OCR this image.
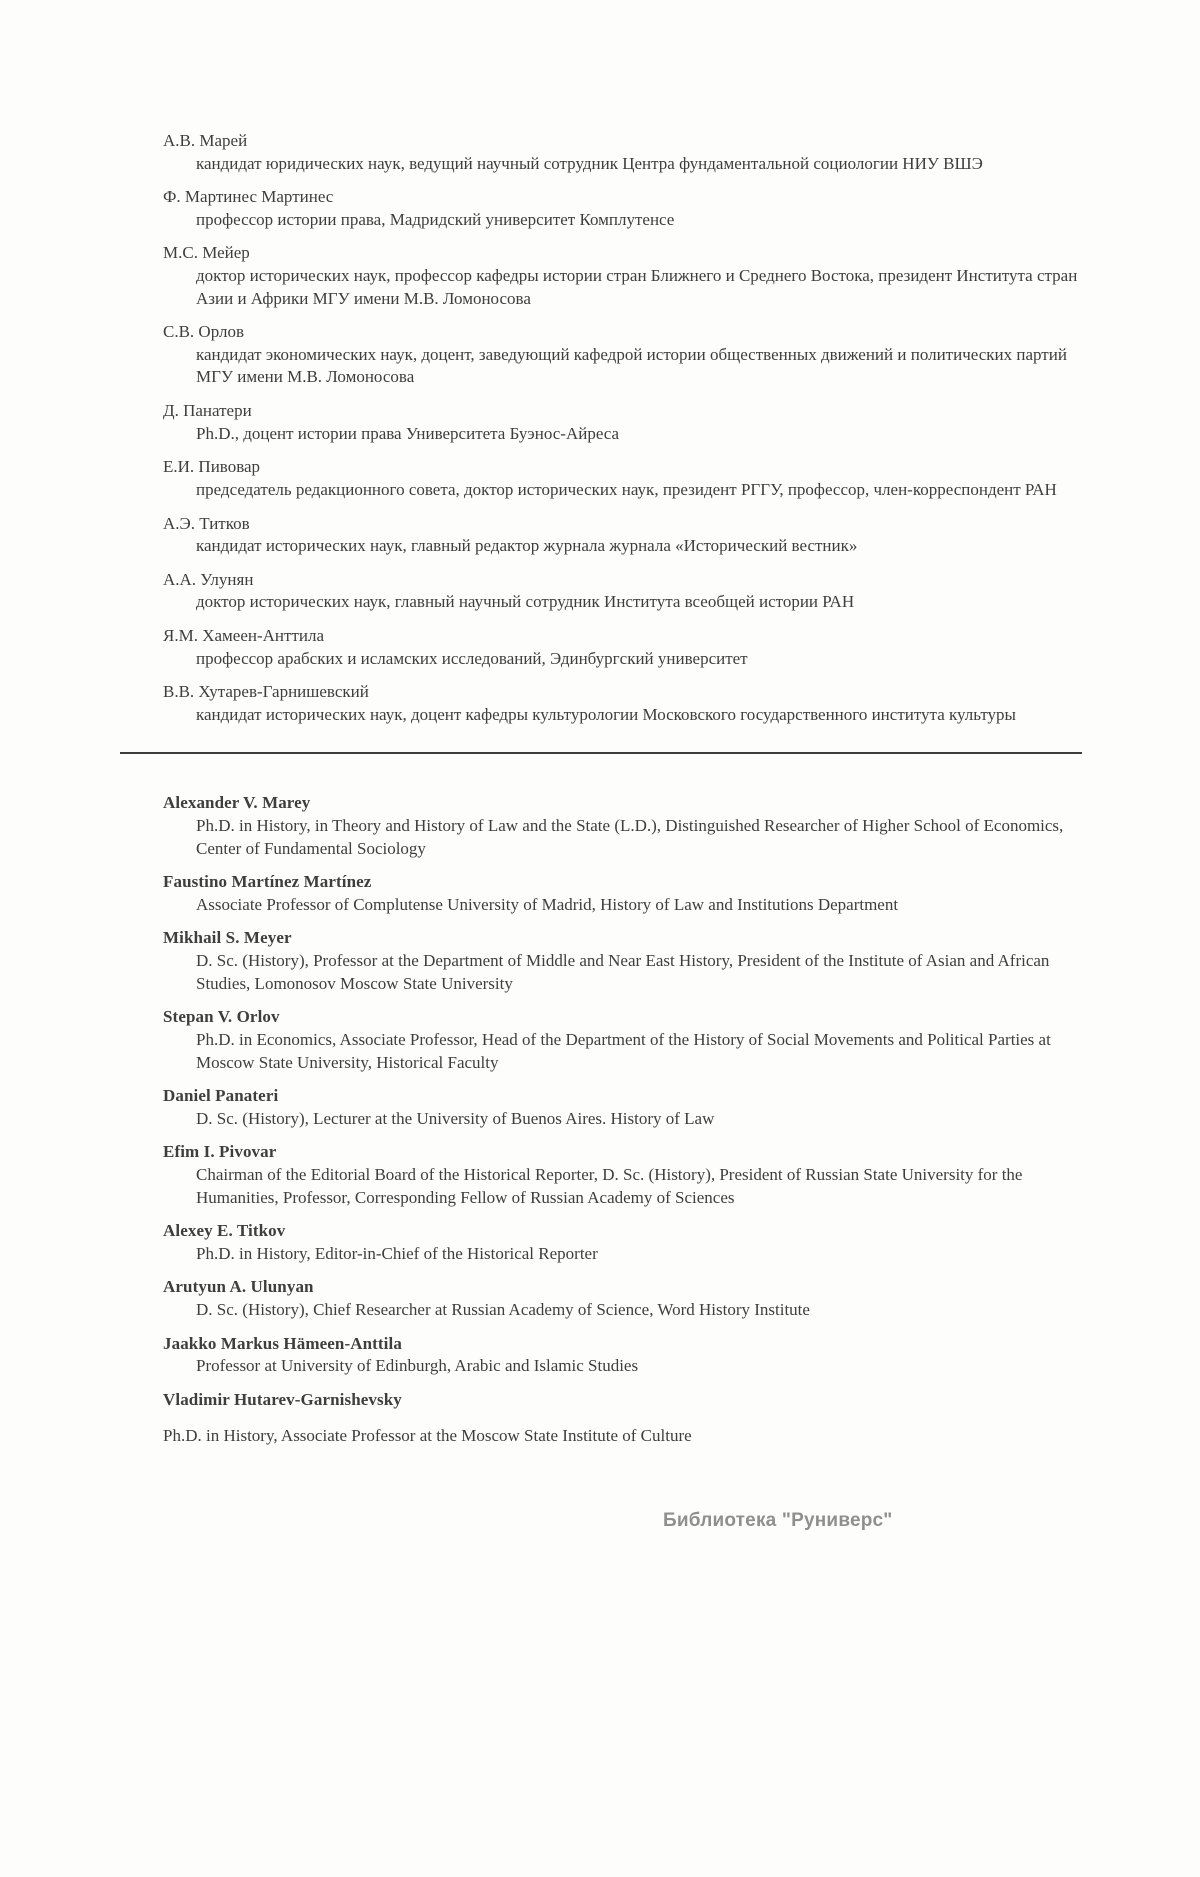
А.В. Марей
кандидат юридических наук, ведущий научный сотрудник Центра фундаментальной социологии НИУ ВШЭ
Ф. Мартинес Мартинес
профессор истории права, Мадридский университет Комплутенсе
М.С. Мейер
доктор исторических наук, профессор кафедры истории стран Ближнего и Среднего Востока, президент Института стран Азии и Африки МГУ имени М.В. Ломоносова
С.В. Орлов
кандидат экономических наук, доцент, заведующий кафедрой истории общественных движений и политических партий МГУ имени М.В. Ломоносова
Д. Панатери
Ph.D., доцент истории права Университета Буэнос-Айреса
Е.И. Пивовар
председатель редакционного совета, доктор исторических наук, президент РГГУ, профессор, член-корреспондент РАН
А.Э. Титков
кандидат исторических наук, главный редактор журнала журнала «Исторический вестник»
А.А. Улунян
доктор исторических наук, главный научный сотрудник Института всеобщей истории РАН
Я.М. Хамеен-Анттила
профессор арабских и исламских исследований, Эдинбургский университет
В.В. Хутарев-Гарнишевский
кандидат исторических наук, доцент кафедры культурологии Московского государственного института культуры
Alexander V. Marey
Ph.D. in History, in Theory and History of Law and the State (L.D.), Distinguished Researcher of Higher School of Economics, Center of Fundamental Sociology
Faustino Martínez Martínez
Associate Professor of Complutense University of Madrid, History of Law and Institutions Department
Mikhail S. Meyer
D. Sc. (History), Professor at the Department of Middle and Near East History, President of the Institute of Asian and African Studies, Lomonosov Moscow State University
Stepan V. Orlov
Ph.D. in Economics, Associate Professor, Head of the Department of the History of Social Movements and Political Parties at Moscow State University, Historical Faculty
Daniel Panateri
D. Sc. (History), Lecturer at the University of Buenos Aires. History of Law
Efim I. Pivovar
Chairman of the Editorial Board of the Historical Reporter, D. Sc. (History), President of Russian State University for the Humanities, Professor, Corresponding Fellow of Russian Academy of Sciences
Alexey E. Titkov
Ph.D. in History, Editor-in-Chief of the Historical Reporter
Arutyun A. Ulunyan
D. Sc. (History), Chief Researcher at Russian Academy of Science, Word History Institute
Jaakko Markus Hämeen-Anttila
Professor at University of Edinburgh, Arabic and Islamic Studies
Vladimir Hutarev-Garnishevsky
Ph.D. in History, Associate Professor at the Moscow State Institute of Culture
Библиотека "Руниверс"
